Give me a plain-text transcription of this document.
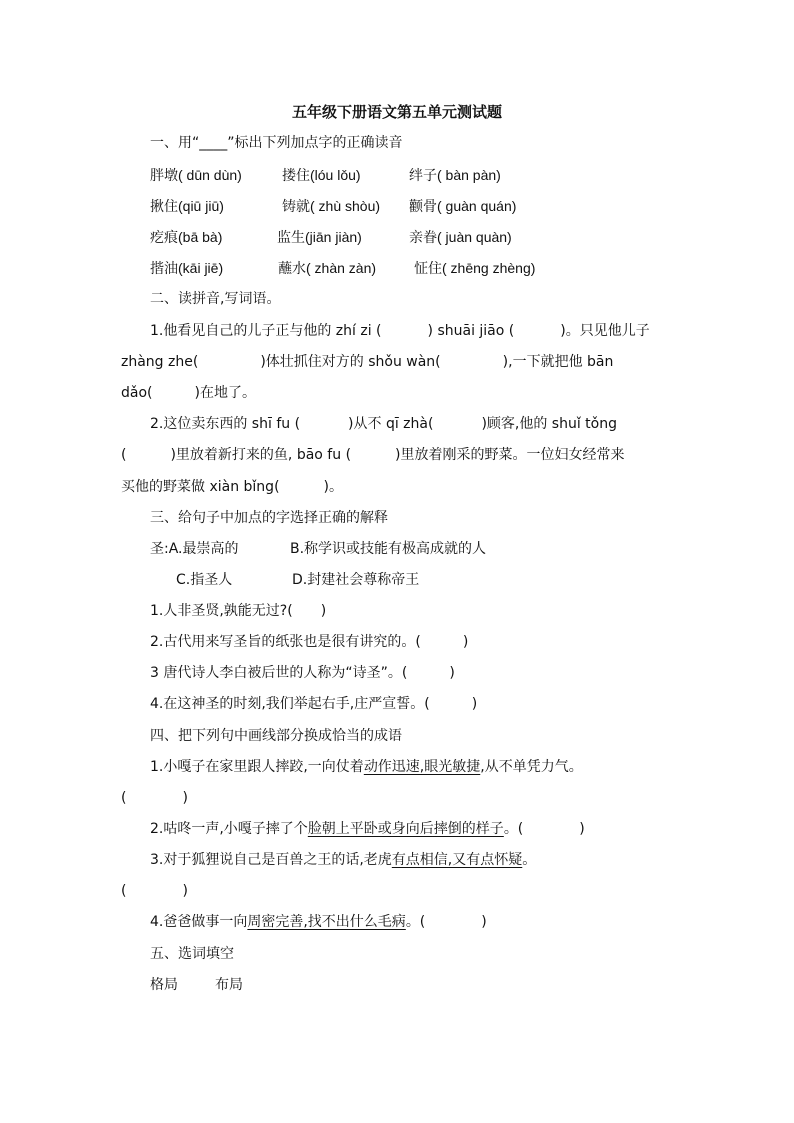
五年级下册语文第五单元测试题
一、用“____”标出下列加点字的正确读音
胖墩( dūn dùn)	搂住(lóu lǒu)	绊子( bàn pàn)
揪住(qiū jiū)	铸就( zhù shòu) 颧骨( guàn quán)
疙痕(bā bà)	监生(jiān jiàn)	亲眷( juàn quàn)
揩油(kāi jiē)	蘸水( zhàn zàn)	怔住( zhēng zhèng)
二、读拼音,写词语。
1.他看见自己的儿子正与他的 zhí zi (	) shuāi jiāo (	)。只见他儿子
zhàng zhe(	)体壮抓住对方的 shǒu wàn(	),一下就把他 bān
dǎo(	)在地了。
2.这位卖东西的 shī fu (	)从不 qī zhà(	)顾客,他的 shuǐ tǒng
(	)里放着新打来的鱼, bāo fu (	)里放着刚采的野菜。一位妇女经常来
买他的野菜做 xiàn bǐng(	)。
三、给句子中加点的字选择正确的解释
圣:A.最崇高的	B.称学识或技能有极高成就的人
C.指圣人	D.封建社会尊称帝王
1.人非圣贤,孰能无过?(　　)
2.古代用来写圣旨的纸张也是很有讲究的。(　　　)
3 唐代诗人李白被后世的人称为“诗圣”。(　　　)
4.在这神圣的时刻,我们举起右手,庄严宣誓。(　　　)
四、把下列句中画线部分换成恰当的成语
1.小嘎子在家里跟人摔跤,一向仗着动作迅速,眼光敏捷,从不单凭力气。
(　　　　)
2.咕咚一声,小嘎子摔了个脸朝上平卧或身向后摔倒的样子。(　　　　)
3.对于狐狸说自己是百兽之王的话,老虎有点相信,又有点怀疑。
(　　　　)
4.爸爸做事一向周密完善,找不出什么毛病。(　　　　)
五、选词填空
格局	布局
